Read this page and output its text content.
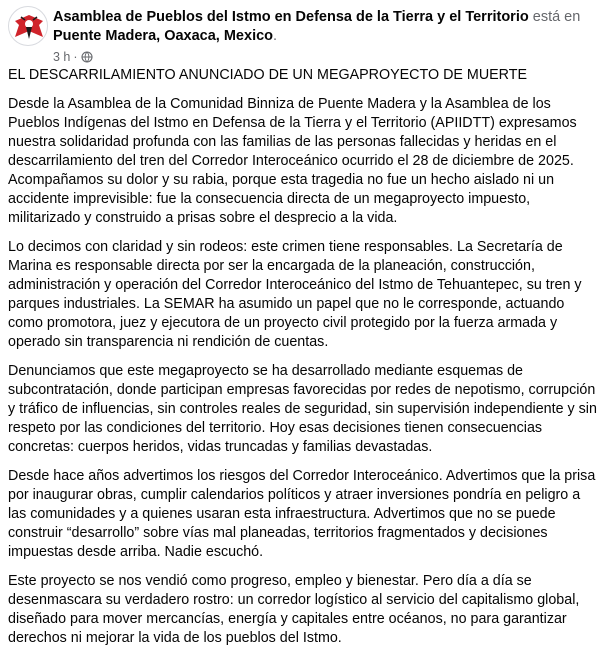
Asamblea de Pueblos del Istmo en Defensa de la Tierra y el Territorio está en Puente Madera, Oaxaca, Mexico.
3 h ·

EL DESCARRILAMIENTO ANUNCIADO DE UN MEGAPROYECTO DE MUERTE

Desde la Asamblea de la Comunidad Binniza de Puente Madera y la Asamblea de los Pueblos Indígenas del Istmo en Defensa de la Tierra y el Territorio (APIIDTT) expresamos nuestra solidaridad profunda con las familias de las personas fallecidas y heridas en el descarrilamiento del tren del Corredor Interoceánico ocurrido el 28 de diciembre de 2025. Acompañamos su dolor y su rabia, porque esta tragedia no fue un hecho aislado ni un accidente imprevisible: fue la consecuencia directa de un megaproyecto impuesto, militarizado y construido a prisas sobre el desprecio a la vida.

Lo decimos con claridad y sin rodeos: este crimen tiene responsables. La Secretaría de Marina es responsable directa por ser la encargada de la planeación, construcción, administración y operación del Corredor Interoceánico del Istmo de Tehuantepec, su tren y parques industriales. La SEMAR ha asumido un papel que no le corresponde, actuando como promotora, juez y ejecutora de un proyecto civil protegido por la fuerza armada y operado sin transparencia ni rendición de cuentas.

Denunciamos que este megaproyecto se ha desarrollado mediante esquemas de subcontratación, donde participan empresas favorecidas por redes de nepotismo, corrupción y tráfico de influencias, sin controles reales de seguridad, sin supervisión independiente y sin respeto por las condiciones del territorio. Hoy esas decisiones tienen consecuencias concretas: cuerpos heridos, vidas truncadas y familias devastadas.

Desde hace años advertimos los riesgos del Corredor Interoceánico. Advertimos que la prisa por inaugurar obras, cumplir calendarios políticos y atraer inversiones pondría en peligro a las comunidades y a quienes usaran esta infraestructura. Advertimos que no se puede construir “desarrollo” sobre vías mal planeadas, territorios fragmentados y decisiones impuestas desde arriba. Nadie escuchó.

Este proyecto se nos vendió como progreso, empleo y bienestar. Pero día a día se desenmascara su verdadero rostro: un corredor logístico al servicio del capitalismo global, diseñado para mover mercancías, energía y capitales entre océanos, no para garantizar derechos ni mejorar la vida de los pueblos del Istmo.
